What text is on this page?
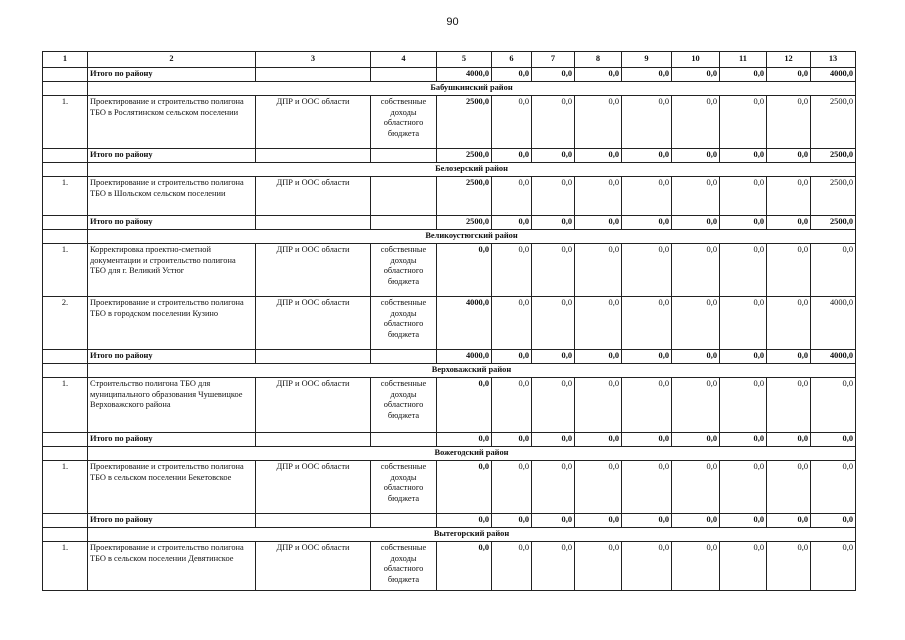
90
1	2	3	4	5	6	7	8	9	10	11	12	13
	Итого по району			4000,0	0,0	0,0	0,0	0,0	0,0	0,0	0,0	4000,0
	Бабушкинский район											
1.	Проектирование и строительство полигона ТБО в Рослятинском сельском поселении	ДПР и ООС области	собственные доходы областного бюджета	2500,0	0,0	0,0	0,0	0,0	0,0	0,0	0,0	2500,0
	Итого по району			2500,0	0,0	0,0	0,0	0,0	0,0	0,0	0,0	2500,0
	Белозерский район											
1.	Проектирование и строительство полигона ТБО в Шольском сельском поселении	ДПР и ООС области		2500,0	0,0	0,0	0,0	0,0	0,0	0,0	0,0	2500,0
	Итого по району			2500,0	0,0	0,0	0,0	0,0	0,0	0,0	0,0	2500,0
	Великоустюгский район											
1.	Корректировка проектно-сметной документации и строительство полигона ТБО для г. Великий Устюг	ДПР и ООС области	собственные доходы областного бюджета	0,0	0,0	0,0	0,0	0,0	0,0	0,0	0,0	0,0
2.	Проектирование и строительство полигона ТБО в городском поселении Кузино	ДПР и ООС области	собственные доходы областного бюджета	4000,0	0,0	0,0	0,0	0,0	0,0	0,0	0,0	4000,0
	Итого по району			4000,0	0,0	0,0	0,0	0,0	0,0	0,0	0,0	4000,0
	Верховажский район											
1.	Строительство полигона ТБО для муниципального образования Чушевицкое Верховажского района	ДПР и ООС области	собственные доходы областного бюджета	0,0	0,0	0,0	0,0	0,0	0,0	0,0	0,0	0,0
	Итого по району			0,0	0,0	0,0	0,0	0,0	0,0	0,0	0,0	0,0
	Вожегодский район											
1.	Проектирование и строительство полигона ТБО в сельском поселении Бекетовское	ДПР и ООС области	собственные доходы областного бюджета	0,0	0,0	0,0	0,0	0,0	0,0	0,0	0,0	0,0
	Итого по району			0,0	0,0	0,0	0,0	0,0	0,0	0,0	0,0	0,0
	Вытегорский район											
1.	Проектирование и строительство полигона ТБО в сельском поселении Девятинское	ДПР и ООС области	собственные доходы областного бюджета	0,0	0,0	0,0	0,0	0,0	0,0	0,0	0,0	0,0
